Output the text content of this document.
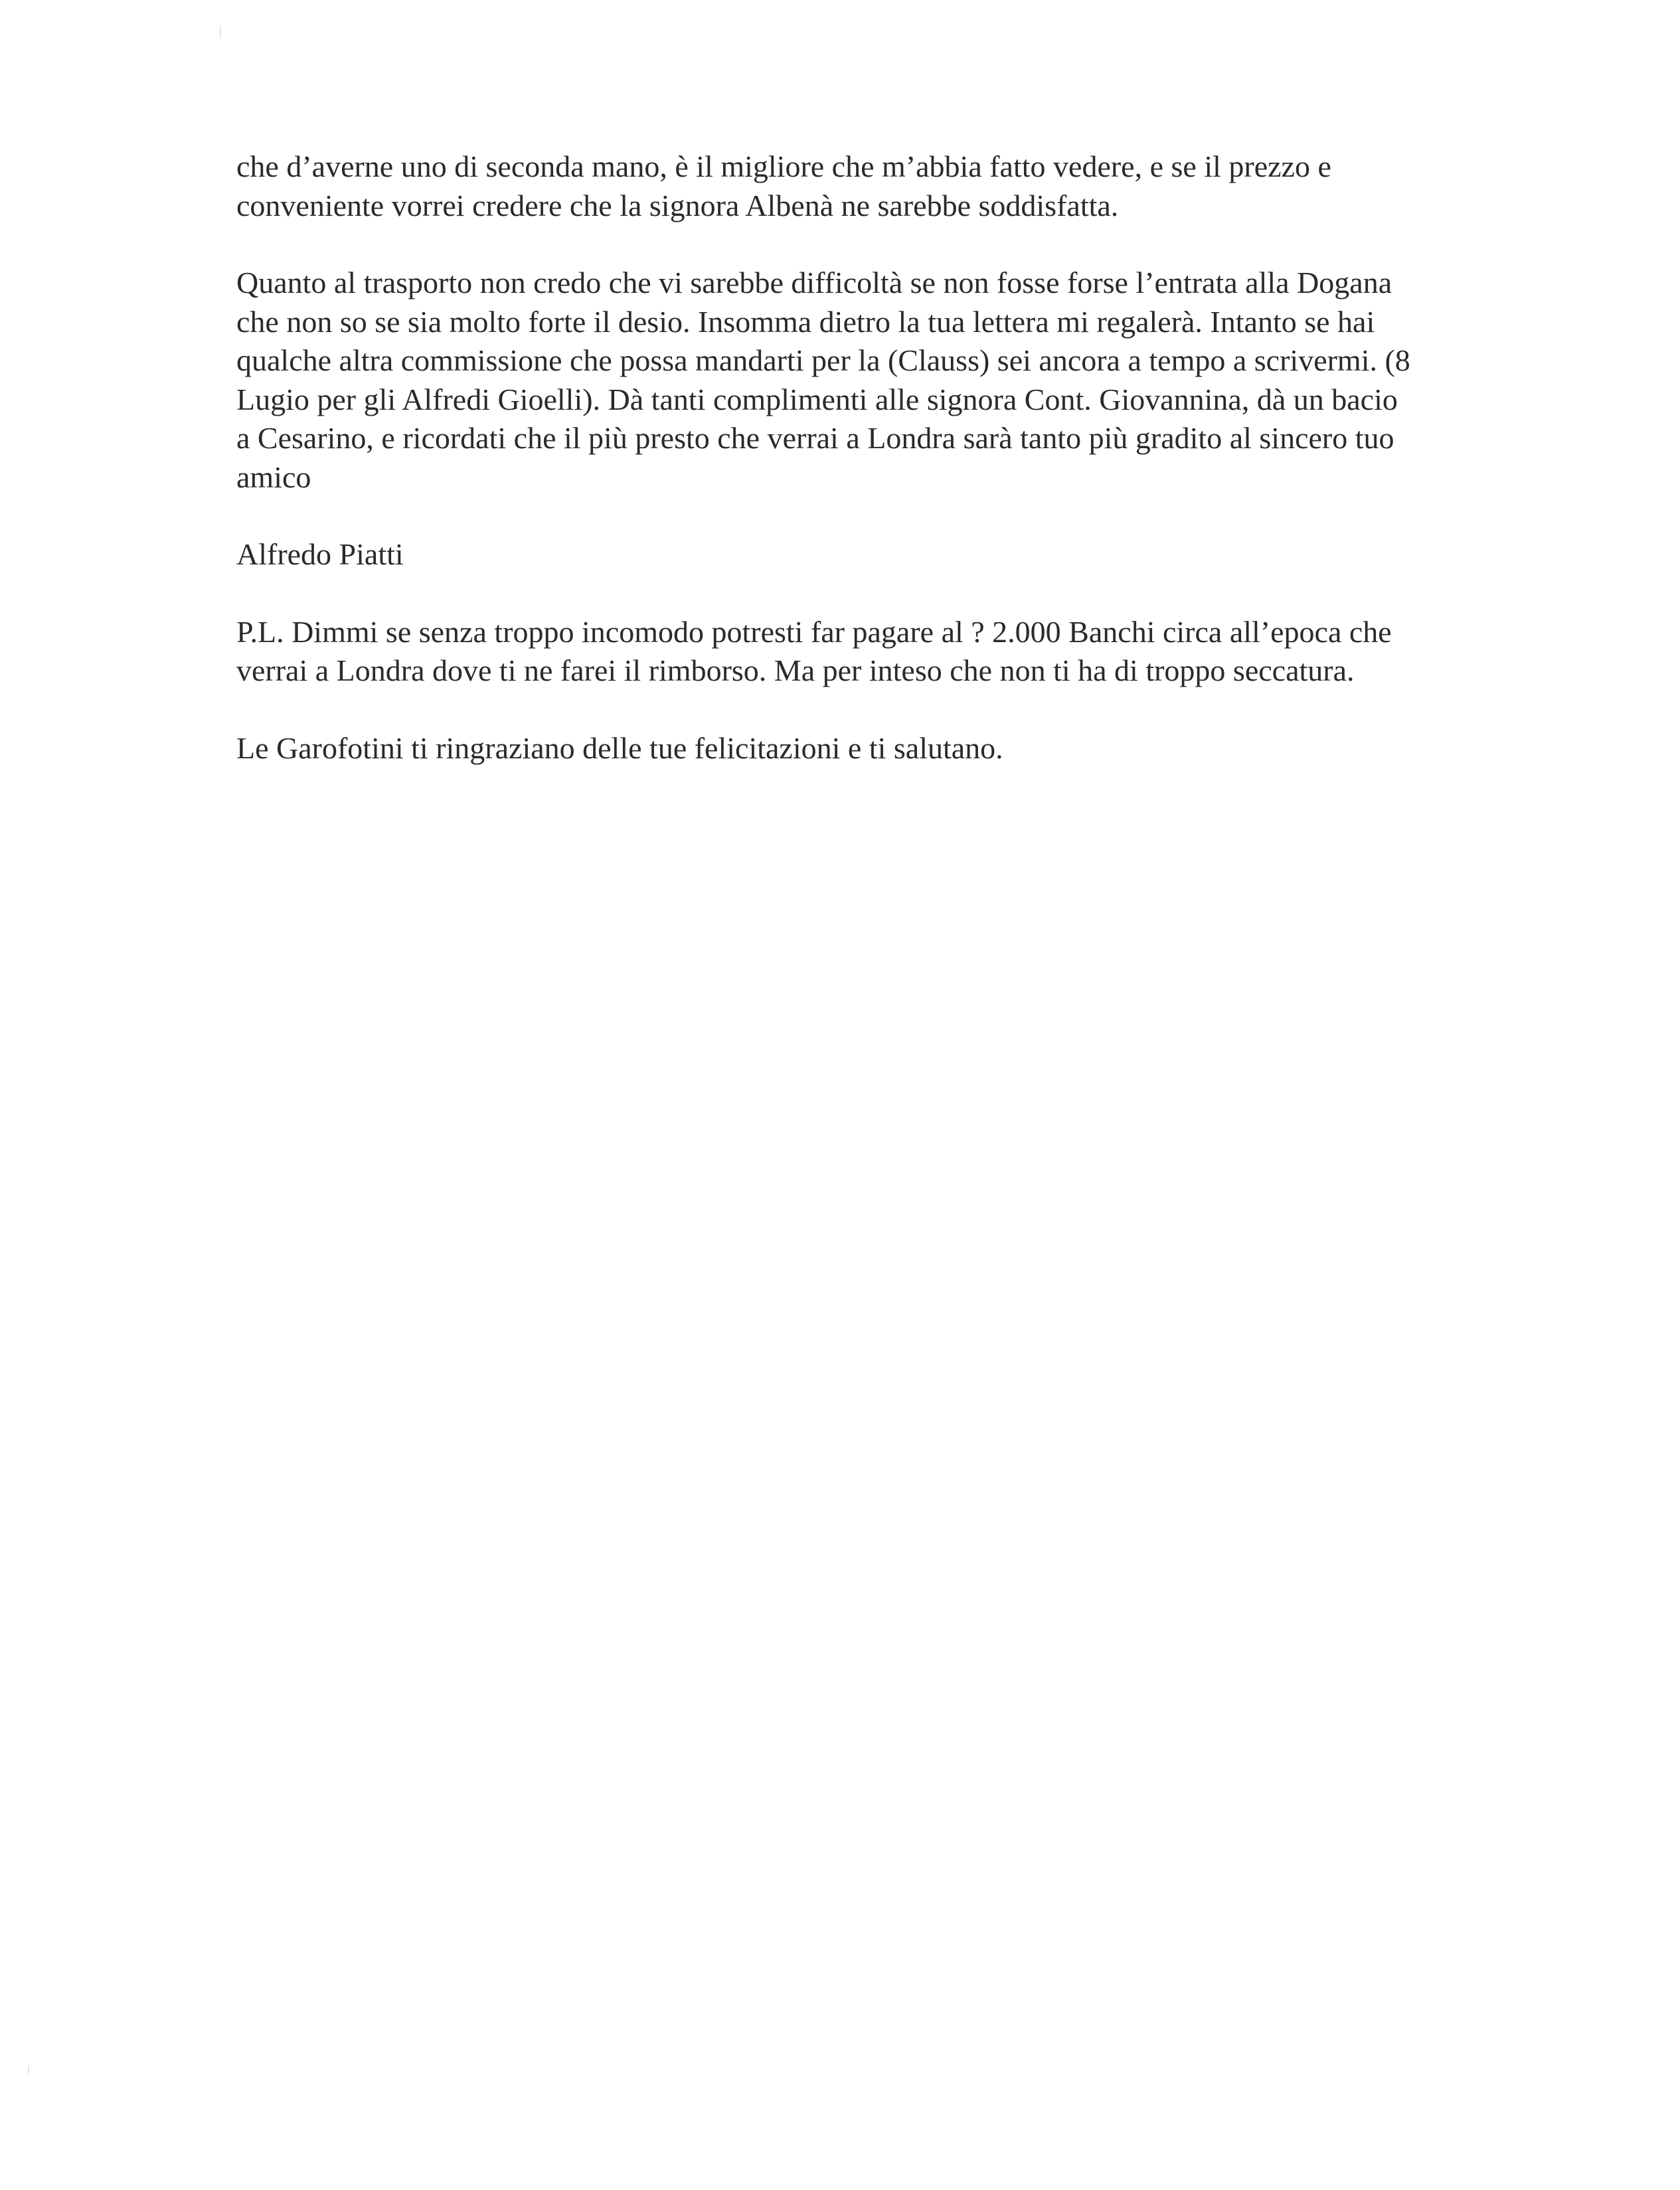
che d’averne uno di seconda mano, è il migliore che m’abbia fatto vedere, e se il prezzo e
conveniente vorrei credere che la signora Albenà ne sarebbe soddisfatta.
Quanto al trasporto non credo che vi sarebbe difficoltà se non fosse forse l’entrata alla Dogana
che non so se sia molto forte il desio. Insomma dietro la tua lettera mi regalerà. Intanto se hai
qualche altra commissione che possa mandarti per la (Clauss) sei ancora a tempo a scrivermi. (8
Lugio per gli Alfredi Gioelli). Dà tanti complimenti alle signora Cont. Giovannina, dà un bacio
a Cesarino, e ricordati che il più presto che verrai a Londra sarà tanto più gradito al sincero tuo
amico
Alfredo Piatti
P.L. Dimmi se senza troppo incomodo potresti far pagare al ? 2.000 Banchi circa all’epoca che
verrai a Londra dove ti ne farei il rimborso. Ma per inteso che non ti ha di troppo seccatura.
Le Garofotini ti ringraziano delle tue felicitazioni e ti salutano.
